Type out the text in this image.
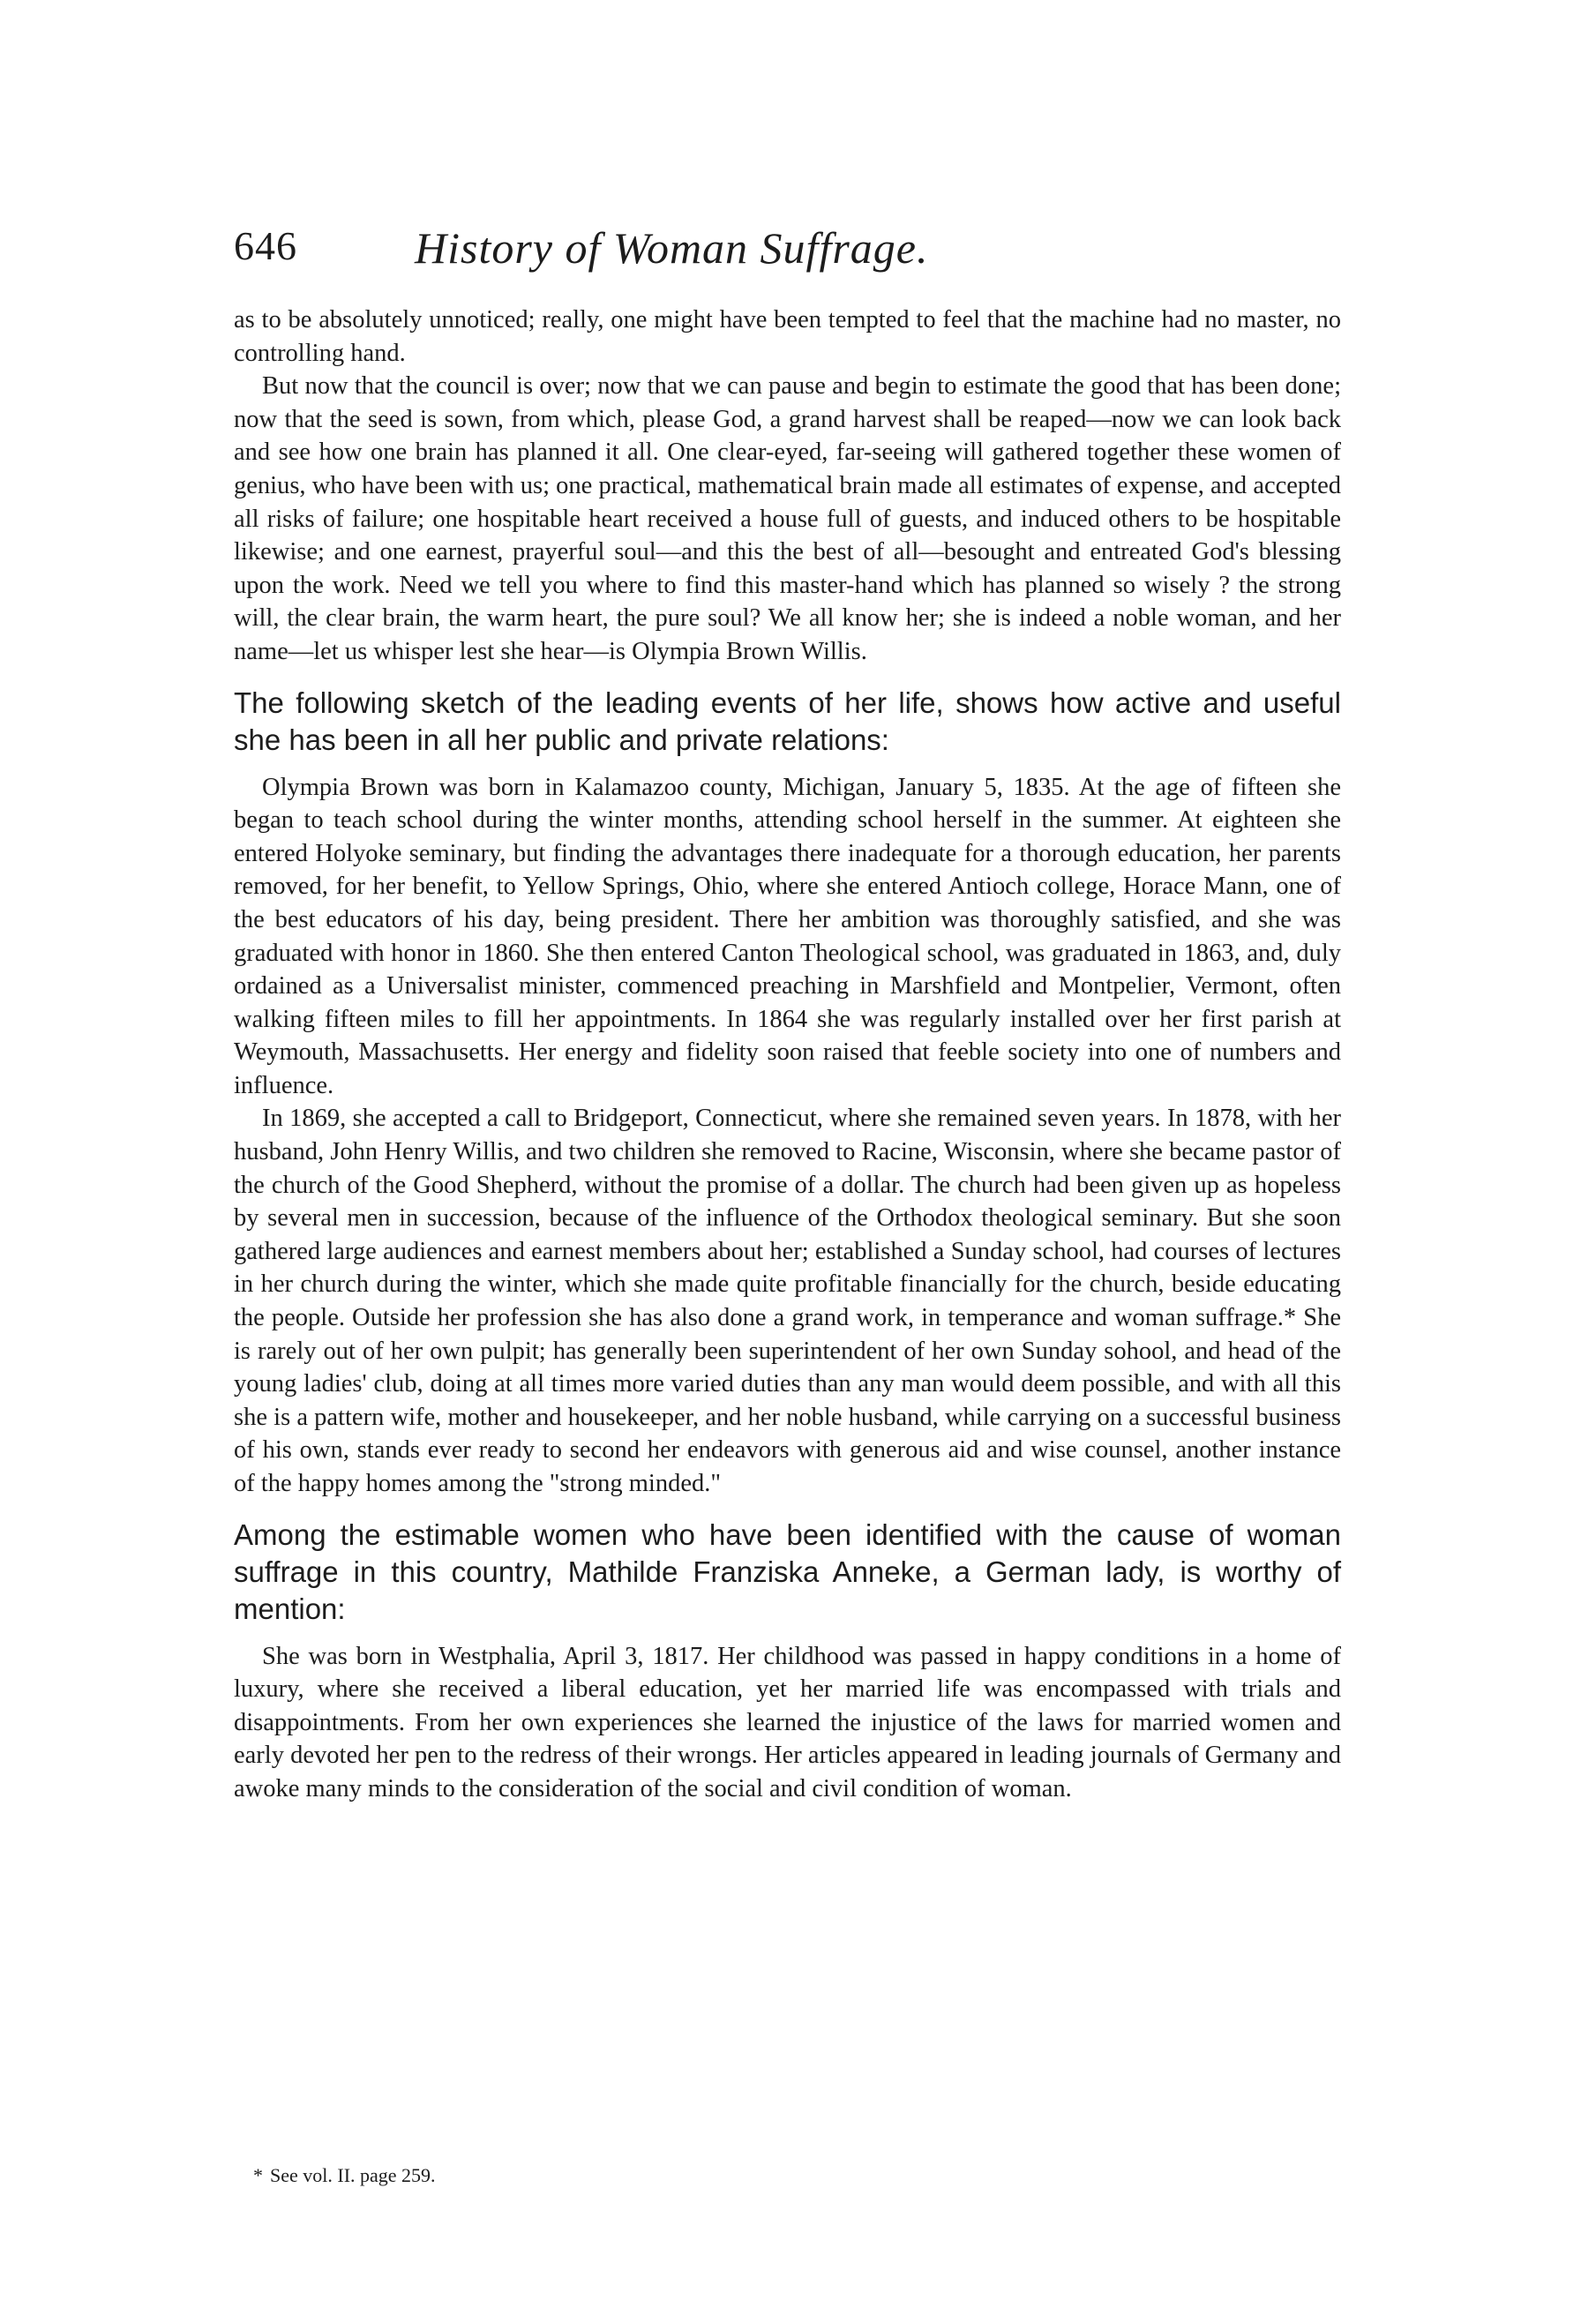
646	History of Woman Suffrage.

as to be absolutely unnoticed; really, one might have been tempted to feel that the machine had no master, no controlling hand.

But now that the council is over; now that we can pause and begin to estimate the good that has been done; now that the seed is sown, from which, please God, a grand harvest shall be reaped—now we can look back and see how one brain has planned it all. One clear-eyed, far-seeing will gathered together these women of genius, who have been with us; one practical, mathematical brain made all estimates of expense, and accepted all risks of failure; one hospitable heart received a house full of guests, and induced others to be hospitable likewise; and one earnest, prayerful soul—and this the best of all—besought and entreated God's blessing upon the work. Need we tell you where to find this master-hand which has planned so wisely ? the strong will, the clear brain, the warm heart, the pure soul? We all know her; she is indeed a noble woman, and her name—let us whisper lest she hear—is Olympia Brown Willis.

The following sketch of the leading events of her life, shows how active and useful she has been in all her public and private relations:

Olympia Brown was born in Kalamazoo county, Michigan, January 5, 1835. At the age of fifteen she began to teach school during the winter months, attending school herself in the summer. At eighteen she entered Holyoke seminary, but finding the advantages there inadequate for a thorough education, her parents removed, for her benefit, to Yellow Springs, Ohio, where she entered Antioch college, Horace Mann, one of the best educators of his day, being president. There her ambition was thoroughly satisfied, and she was graduated with honor in 1860. She then entered Canton Theological school, was graduated in 1863, and, duly ordained as a Universalist minister, commenced preaching in Marshfield and Montpelier, Vermont, often walking fifteen miles to fill her appointments. In 1864 she was regularly installed over her first parish at Weymouth, Massachusetts. Her energy and fidelity soon raised that feeble society into one of numbers and influence.

In 1869, she accepted a call to Bridgeport, Connecticut, where she remained seven years. In 1878, with her husband, John Henry Willis, and two children she removed to Racine, Wisconsin, where she became pastor of the church of the Good Shepherd, without the promise of a dollar. The church had been given up as hopeless by several men in succession, because of the influence of the Orthodox theological seminary. But she soon gathered large audiences and earnest members about her; established a Sunday school, had courses of lectures in her church during the winter, which she made quite profitable financially for the church, beside educating the people. Outside her profession she has also done a grand work, in temperance and woman suffrage.* She is rarely out of her own pulpit; has generally been superintendent of her own Sunday sohool, and head of the young ladies' club, doing at all times more varied duties than any man would deem possible, and with all this she is a pattern wife, mother and housekeeper, and her noble husband, while carrying on a successful business of his own, stands ever ready to second her endeavors with generous aid and wise counsel, another instance of the happy homes among the "strong minded."

Among the estimable women who have been identified with the cause of woman suffrage in this country, Mathilde Franziska Anneke, a German lady, is worthy of mention:

She was born in Westphalia, April 3, 1817. Her childhood was passed in happy conditions in a home of luxury, where she received a liberal education, yet her married life was encompassed with trials and disappointments. From her own experiences she learned the injustice of the laws for married women and early devoted her pen to the redress of their wrongs. Her articles appeared in leading journals of Germany and awoke many minds to the consideration of the social and civil condition of woman.

* See vol. II. page 259.
